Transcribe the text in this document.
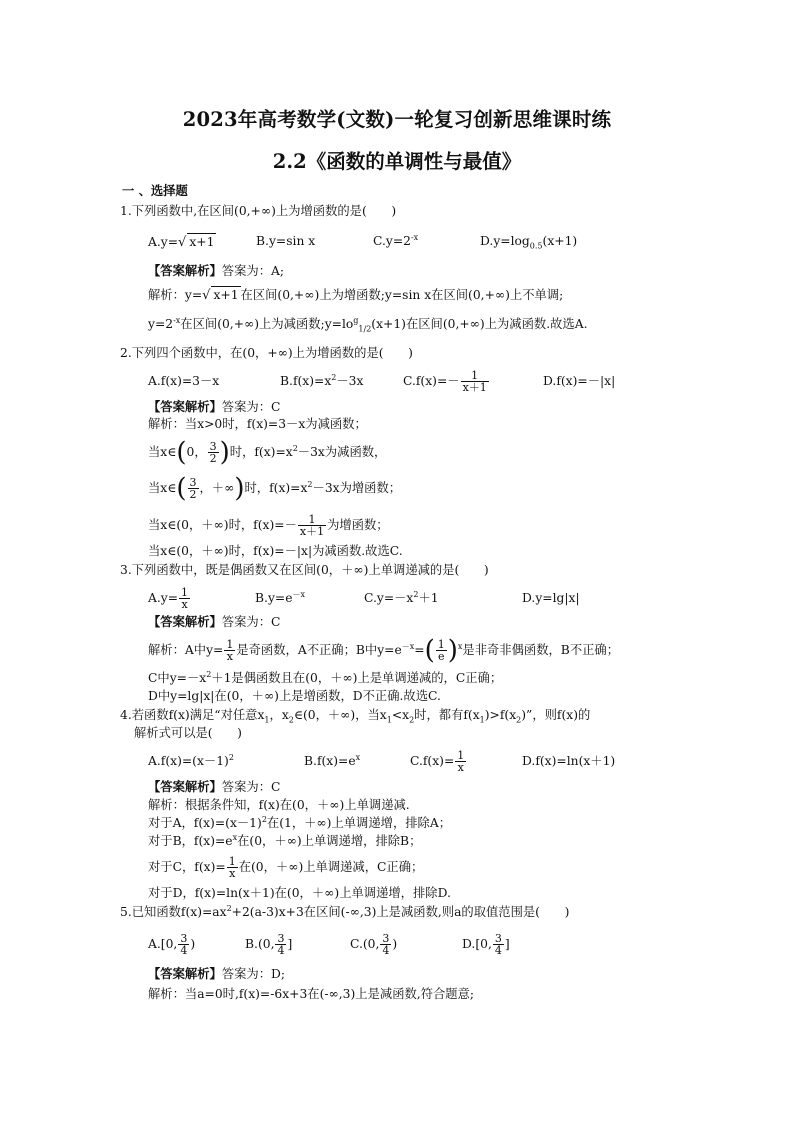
2023年高考数学(文数)一轮复习创新思维课时练
2.2《函数的单调性与最值》
一 、选择题
1.下列函数中,在区间(0,+∞)上为增函数的是(　　)
A.y=√ x+1	B.y=sin x	$C.y=2^{-x}$	$D.y=\log_{0.5}(x+1)$
【答案解析】答案为：A;
解析：y=√ x+1 在区间(0,+∞)上为增函数;y=sin x在区间(0,+∞)上不单调;
$y=2^{-x}$在区间(0,+∞)上为减函数$;y=lo^g_{1/2}(x+1)$在区间(0,+∞)上为减函数.故选A.
2.下列四个函数中，在(0，+∞)上为增函数的是(　　)
A.f(x)=3－x	$B.f(x)=x^2-3x$	$C.f(x)=- \frac{1}{x+1}$	D.f(x)=－|x|
【答案解析】答案为：C
解析：当x>0时，f(x)=3－x为减函数；
当x∈(0， $\frac{3}{2}$ )时，$f(x)=x^2-3x$为减函数，
当x∈( $\frac{3}{2}$ ，＋∞)时，$f(x)=x^2-3x$为增函数；
当x∈(0，＋∞)时，$f(x)=- \frac{1}{x+1}$ 为增函数；
当x∈(0，＋∞)时，f(x)=－|x|为减函数.故选C.
3.下列函数中，既是偶函数又在区间(0，＋∞)上单调递减的是(　　)
$A.y= \frac{1}{x}$	$B.y=e^{-x}$	$C.y=-x^2+1$	D.y=lg|x|
【答案解析】答案为：C
解析：A中$y= \frac{1}{x}$ 是奇函数，A不正确；B中$y=e^{-x}=( \frac{1}{e} )^x$是非奇非偶函数，B不正确；
C中$y=-x^2+1$是偶函数且在(0，＋∞)上是单调递减的，C正确；
D中y=lg|x|在(0，＋∞)上是增函数，D不正确.故选C.
4.若函数f(x)满足“对任意$x_1$，$x_2\in(0$，＋∞)，当$x_1<x_2$时，都有$f(x_1)>f(x_2)$”，则f(x)的
解析式可以是(　　)
$A.f(x)=(x-1)^2$	$B.f(x)=e^x$	$C.f(x)= \frac{1}{x}$	D.f(x)=ln(x＋1)
【答案解析】答案为：C
解析：根据条件知，f(x)在(0，＋∞)上单调递减.
对于A，$f(x)=(x-1)^2$在(1，＋∞)上单调递增，排除A；
对于B，$f(x)=e^x$在(0，＋∞)上单调递增，排除B；
对于C，$f(x)= \frac{1}{x}$ 在(0，＋∞)上单调递减，C正确；
对于D，f(x)=ln(x＋1)在(0，＋∞)上单调递增，排除D.
5.已知函数$f(x)=ax^2+2(a-3)x+3$在区间(-∞,3)上是减函数,则a的取值范围是(　　)
A.[0, $\frac{3}{4}$ )	B.(0, $\frac{3}{4}$ ]	C.(0, $\frac{3}{4}$ )	D.[0, $\frac{3}{4}$ ]
【答案解析】答案为：D;
解析：当a=0时,f(x)=-6x+3在(-∞,3)上是减函数,符合题意;
